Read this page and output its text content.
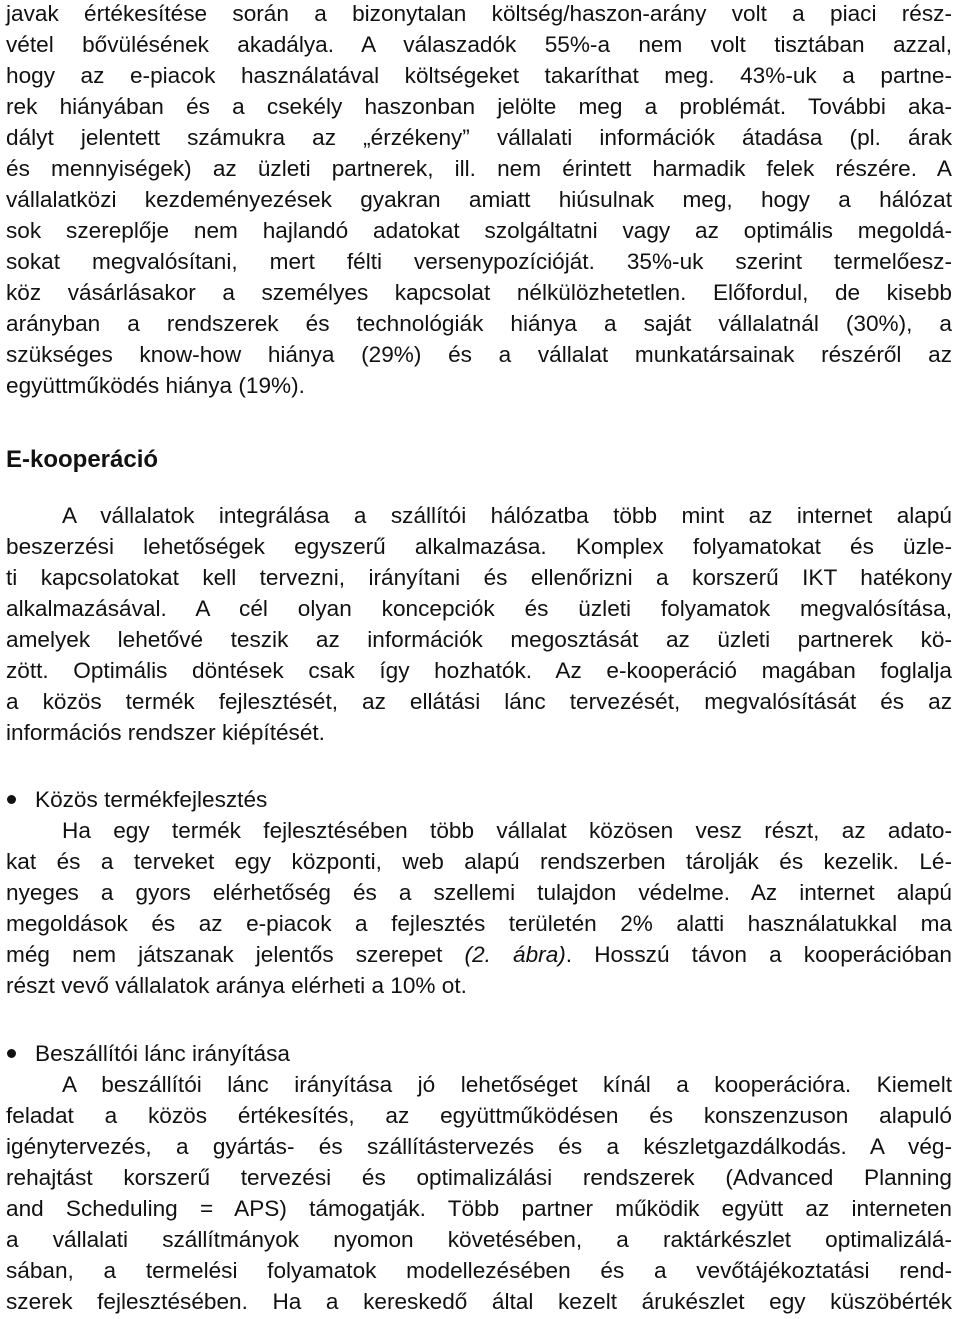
javak értékesítése során a bizonytalan költség/haszon-arány volt a piaci rész-
vétel bővülésének akadálya. A válaszadók 55%-a nem volt tisztában azzal,
hogy az e-piacok használatával költségeket takaríthat meg. 43%-uk a partne-
rek hiányában és a csekély haszonban jelölte meg a problémát. További aka-
dályt jelentett számukra az „érzékeny” vállalati információk átadása (pl. árak
és mennyiségek) az üzleti partnerek, ill. nem érintett harmadik felek részére. A
vállalatközi kezdeményezések gyakran amiatt hiúsulnak meg, hogy a hálózat
sok szereplője nem hajlandó adatokat szolgáltatni vagy az optimális megoldá-
sokat megvalósítani, mert félti versenypozícióját. 35%-uk szerint termelőesz-
köz vásárlásakor a személyes kapcsolat nélkülözhetetlen. Előfordul, de kisebb
arányban a rendszerek és technológiák hiánya a saját vállalatnál (30%), a
szükséges know-how hiánya (29%) és a vállalat munkatársainak részéről az
együttműködés hiánya (19%).
E-kooperáció
A vállalatok integrálása a szállítói hálózatba több mint az internet alapú
beszerzési lehetőségek egyszerű alkalmazása. Komplex folyamatokat és üzle-
ti kapcsolatokat kell tervezni, irányítani és ellenőrizni a korszerű IKT hatékony
alkalmazásával. A cél olyan koncepciók és üzleti folyamatok megvalósítása,
amelyek lehetővé teszik az információk megosztását az üzleti partnerek kö-
zött. Optimális döntések csak így hozhatók. Az e-kooperáció magában foglalja
a közös termék fejlesztését, az ellátási lánc tervezését, megvalósítását és az
információs rendszer kiépítését.
Közös termékfejlesztés
Ha egy termék fejlesztésében több vállalat közösen vesz részt, az adato-
kat és a terveket egy központi, web alapú rendszerben tárolják és kezelik. Lé-
nyeges a gyors elérhetőség és a szellemi tulajdon védelme. Az internet alapú
megoldások és az e-piacok a fejlesztés területén 2% alatti használatukkal ma
még nem játszanak jelentős szerepet (2. ábra). Hosszú távon a kooperációban
részt vevő vállalatok aránya elérheti a 10% ot.
Beszállítói lánc irányítása
A beszállítói lánc irányítása jó lehetőséget kínál a kooperációra. Kiemelt
feladat a közös értékesítés, az együttműködésen és konszenzuson alapuló
igénytervezés, a gyártás- és szállítástervezés és a készletgazdálkodás. A vég-
rehajtást korszerű tervezési és optimalizálási rendszerek (Advanced Planning
and Scheduling = APS) támogatják. Több partner működik együtt az interneten
a vállalati szállítmányok nyomon követésében, a raktárkészlet optimalizálá-
sában, a termelési folyamatok modellezésében és a vevőtájékoztatási rend-
szerek fejlesztésében. Ha a kereskedő által kezelt árukészlet egy küszöbérték
